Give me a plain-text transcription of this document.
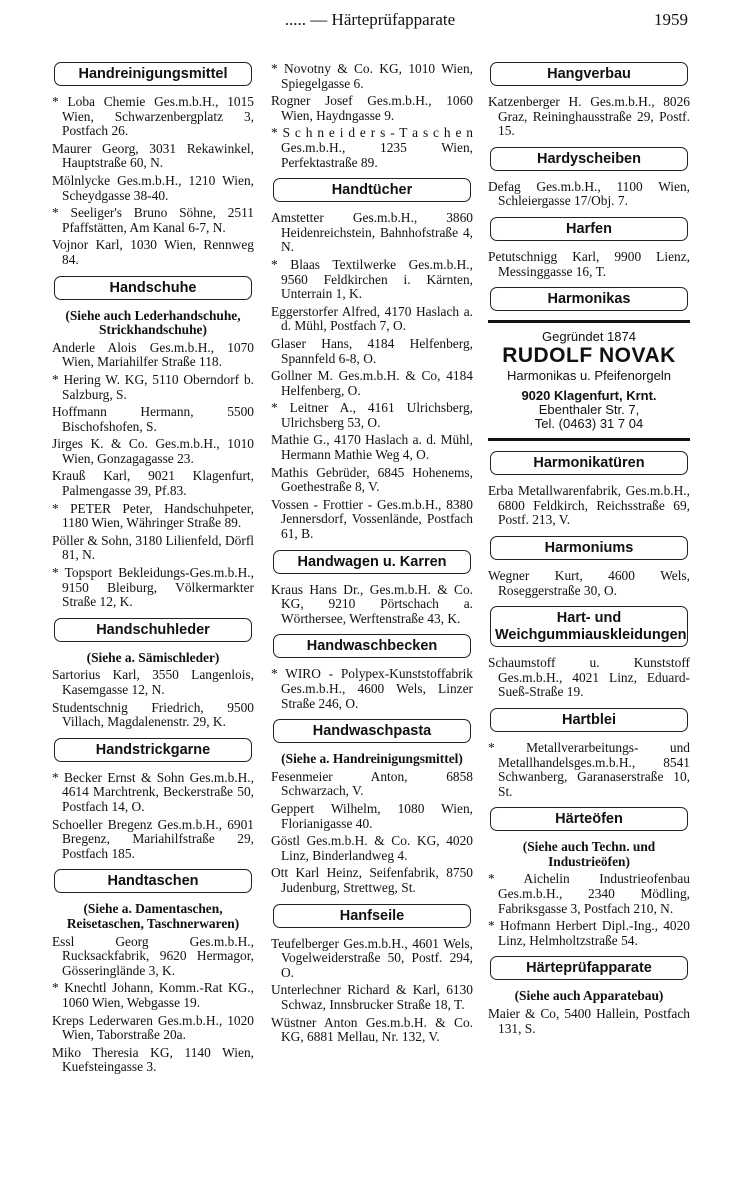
..... — Härteprüfapparate	1959
Handreinigungsmittel

* Loba Chemie Ges.m.b.H., 1015 Wien, Schwarzenbergplatz 3, Postfach 26.

Maurer Georg, 3031 Rekawinkel, Hauptstraße 60, N.

Mölnlycke Ges.m.b.H., 1210 Wien, Scheydgasse 38-40.

* Seeliger's Bruno Söhne, 2511 Pfaffstätten, Am Kanal 6-7, N.

Vojnor Karl, 1030 Wien, Rennweg 84.

Handschuhe

(Siehe auch Lederhandschuhe, Strickhandschuhe)

Anderle Alois Ges.m.b.H., 1070 Wien, Mariahilfer Straße 118.

* Hering W. KG, 5110 Oberndorf b. Salzburg, S.

Hoffmann Hermann, 5500 Bischofshofen, S.

Jirges K. & Co. Ges.m.b.H., 1010 Wien, Gonzagagasse 23.

Krauß Karl, 9021 Klagenfurt, Palmengasse 39, Pf.83.

* PETER Peter, Handschuhpeter, 1180 Wien, Währinger Straße 89.

Pöller & Sohn, 3180 Lilienfeld, Dörfl 81, N.

* Topsport Bekleidungs-Ges.m.b.H., 9150 Bleiburg, Völkermarkter Straße 12, K.

Handschuhleder

(Siehe a. Sämischleder)

Sartorius Karl, 3550 Langenlois, Kasemgasse 12, N.

Studentschnig Friedrich, 9500 Villach, Magdalenenstr. 29, K.

Handstrickgarne

* Becker Ernst & Sohn Ges.m.b.H., 4614 Marchtrenk, Beckerstraße 50, Postfach 14, O.

Schoeller Bregenz Ges.m.b.H., 6901 Bregenz, Mariahilfstraße 29, Postfach 185.

Handtaschen

(Siehe a. Damentaschen, Reisetaschen, Taschnerwaren)

Essl Georg Ges.m.b.H., Rucksackfabrik, 9620 Hermagor, Gösseringlände 3, K.

* Knechtl Johann, Komm.-Rat KG., 1060 Wien, Webgasse 19.

Kreps Lederwaren Ges.m.b.H., 1020 Wien, Taborstraße 20a.

Miko Theresia KG, 1140 Wien, Kuefsteingasse 3.

* Novotny & Co. KG, 1010 Wien, Spiegelgasse 6.

Rogner Josef Ges.m.b.H., 1060 Wien, Haydngasse 9.

* S c h n e i d e r s - T a s c h e n Ges.m.b.H., 1235 Wien, Perfektastraße 89.

Handtücher

Amstetter Ges.m.b.H., 3860 Heidenreichstein, Bahnhofstraße 4, N.

* Blaas Textilwerke Ges.m.b.H., 9560 Feldkirchen i. Kärnten, Unterrain 1, K.

Eggerstorfer Alfred, 4170 Haslach a. d. Mühl, Postfach 7, O.

Glaser Hans, 4184 Helfenberg, Spannfeld 6-8, O.

Gollner M. Ges.m.b.H. & Co, 4184 Helfenberg, O.

* Leitner A., 4161 Ulrichsberg, Ulrichsberg 53, O.

Mathie G., 4170 Haslach a. d. Mühl, Hermann Mathie Weg 4, O.

Mathis Gebrüder, 6845 Hohenems, Goethestraße 8, V.

Vossen - Frottier - Ges.m.b.H., 8380 Jennersdorf, Vossenlände, Postfach 61, B.

Handwagen u. Karren

Kraus Hans Dr., Ges.m.b.H. & Co. KG, 9210 Pörtschach a. Wörthersee, Werftenstraße 43, K.

Handwaschbecken

* WIRO - Polypex-Kunststoffabrik Ges.m.b.H., 4600 Wels, Linzer Straße 246, O.

Handwaschpasta

(Siehe a. Handreinigungsmittel)

Fesenmeier Anton, 6858 Schwarzach, V.

Geppert Wilhelm, 1080 Wien, Florianigasse 40.

Göstl Ges.m.b.H. & Co. KG, 4020 Linz, Binderlandweg 4.

Ott Karl Heinz, Seifenfabrik, 8750 Judenburg, Strettweg, St.

Hanfseile

Teufelberger Ges.m.b.H., 4601 Wels, Vogelweiderstraße 50, Postf. 294, O.

Unterlechner Richard & Karl, 6130 Schwaz, Innsbrucker Straße 18, T.

Wüstner Anton Ges.m.b.H. & Co. KG, 6881 Mellau, Nr. 132, V.

Hangverbau

Katzenberger H. Ges.m.b.H., 8026 Graz, Reininghausstraße 29, Postf. 15.

Hardyscheiben

Defag Ges.m.b.H., 1100 Wien, Schleiergasse 17/Obj. 7.

Harfen

Petutschnigg Karl, 9900 Lienz, Messinggasse 16, T.

Harmonikas
Gegründet 1874
RUDOLF NOVAK
Harmonikas u. Pfeifenorgeln
9020 Klagenfurt, Krnt.
Ebenthaler Str. 7,
Tel. (0463) 31 7 04
Harmonikatüren

Erba Metallwarenfabrik, Ges.m.b.H., 6800 Feldkirch, Reichsstraße 69, Postf. 213, V.

Harmoniums

Wegner Kurt, 4600 Wels, Roseggerstraße 30, O.

Hart- und Weichgummiauskleidungen

Schaumstoff u. Kunststoff Ges.m.b.H., 4021 Linz, Eduard-Sueß-Straße 19.

Hartblei

* Metallverarbeitungs- und Metallhandelsges.m.b.H., 8541 Schwanberg, Garanaserstraße 10, St.

Härteöfen

(Siehe auch Techn. und Industrieöfen)

* Aichelin Industrieofenbau Ges.m.b.H., 2340 Mödling, Fabriksgasse 3, Postfach 210, N.

* Hofmann Herbert Dipl.-Ing., 4020 Linz, Helmholtzstraße 54.

Härteprüfapparate

(Siehe auch Apparatebau)

Maier & Co, 5400 Hallein, Postfach 131, S.
